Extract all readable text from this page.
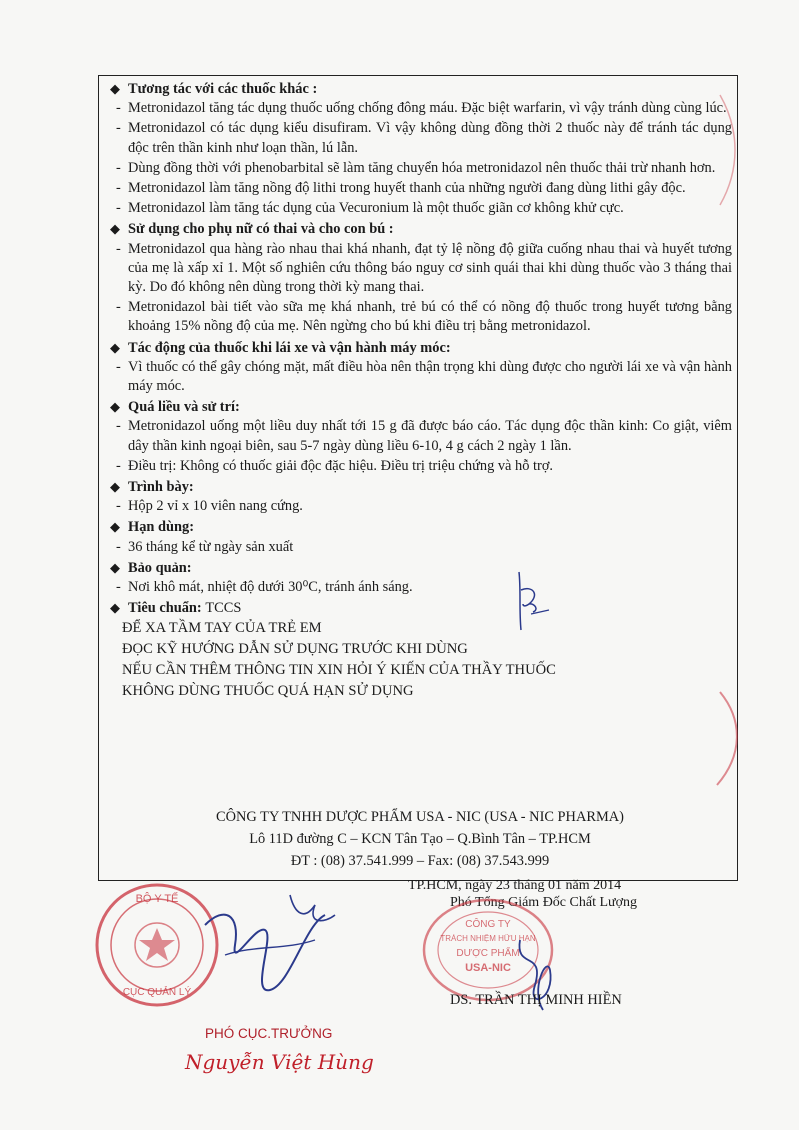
◆ Tương tác với các thuốc khác :
- Metronidazol tăng tác dụng thuốc uống chống đông máu. Đặc biệt warfarin, vì vậy tránh dùng cùng lúc.
- Metronidazol có tác dụng kiểu disufiram. Vì vậy không dùng đồng thời 2 thuốc này để tránh tác dụng độc trên thần kinh như loạn thần, lú lẫn.
- Dùng đồng thời với phenobarbital sẽ làm tăng chuyển hóa metronidazol nên thuốc thải trừ nhanh hơn.
- Metronidazol làm tăng nồng độ lithi trong huyết thanh của những người đang dùng lithi gây độc.
- Metronidazol làm tăng tác dụng của Vecuronium là một thuốc giãn cơ không khử cực.
◆ Sử dụng cho phụ nữ có thai và cho con bú :
- Metronidazol qua hàng rào nhau thai khá nhanh, đạt tỷ lệ nồng độ giữa cuống nhau thai và huyết tương của mẹ là xấp xỉ 1. Một số nghiên cứu thông báo nguy cơ sinh quái thai khi dùng thuốc vào 3 tháng thai kỳ. Do đó không nên dùng trong thời kỳ mang thai.
- Metronidazol bài tiết vào sữa mẹ khá nhanh, trẻ bú có thể có nồng độ thuốc trong huyết tương bằng khoảng 15% nồng độ của mẹ. Nên ngừng cho bú khi điều trị bằng metronidazol.
◆ Tác động của thuốc khi lái xe và vận hành máy móc:
- Vì thuốc có thể gây chóng mặt, mất điều hòa nên thận trọng khi dùng được cho người lái xe và vận hành máy móc.
◆ Quá liều và sử trí:
- Metronidazol uống một liều duy nhất tới 15 g đã được báo cáo. Tác dụng độc thần kinh: Co giật, viêm dây thần kinh ngoại biên, sau 5-7 ngày dùng liều 6-10, 4 g cách 2 ngày 1 lần.
- Điều trị: Không có thuốc giải độc đặc hiệu. Điều trị triệu chứng và hỗ trợ.
◆ Trình bày:
- Hộp 2 vỉ x 10 viên nang cứng.
◆ Hạn dùng:
- 36 tháng kể từ ngày sản xuất
◆ Bảo quản:
- Nơi khô mát, nhiệt độ dưới 30⁰C, tránh ánh sáng.
◆ Tiêu chuẩn:
TCCS
ĐỂ XA TẦM TAY CỦA TRẺ EM
ĐỌC KỸ HƯỚNG DẪN SỬ DỤNG TRƯỚC KHI DÙNG
NẾU CẦN THÊM THÔNG TIN XIN HỎI Ý KIẾN CỦA THẦY THUỐC
KHÔNG DÙNG THUỐC QUÁ HẠN SỬ DỤNG
CÔNG TY TNHH DƯỢC PHẨM USA - NIC (USA - NIC PHARMA)
Lô 11D đường C – KCN Tân Tạo – Q.Bình Tân – TP.HCM
ĐT : (08) 37.541.999 – Fax: (08) 37.543.999
BỘ Y TẾ
CỤC QUẢN LÝ
PHÓ CỤC.TRƯỞNG
Nguyễn Việt Hùng
TP.HCM, ngày 23 tháng 01 năm 2014
Phó Tổng Giám Đốc Chất Lượng
CÔNG TY
TRÁCH NHIỆM HỮU HẠN
DƯỢC PHẨM
USA-NIC
DS. TRẦN THỊ MINH HIỀN
